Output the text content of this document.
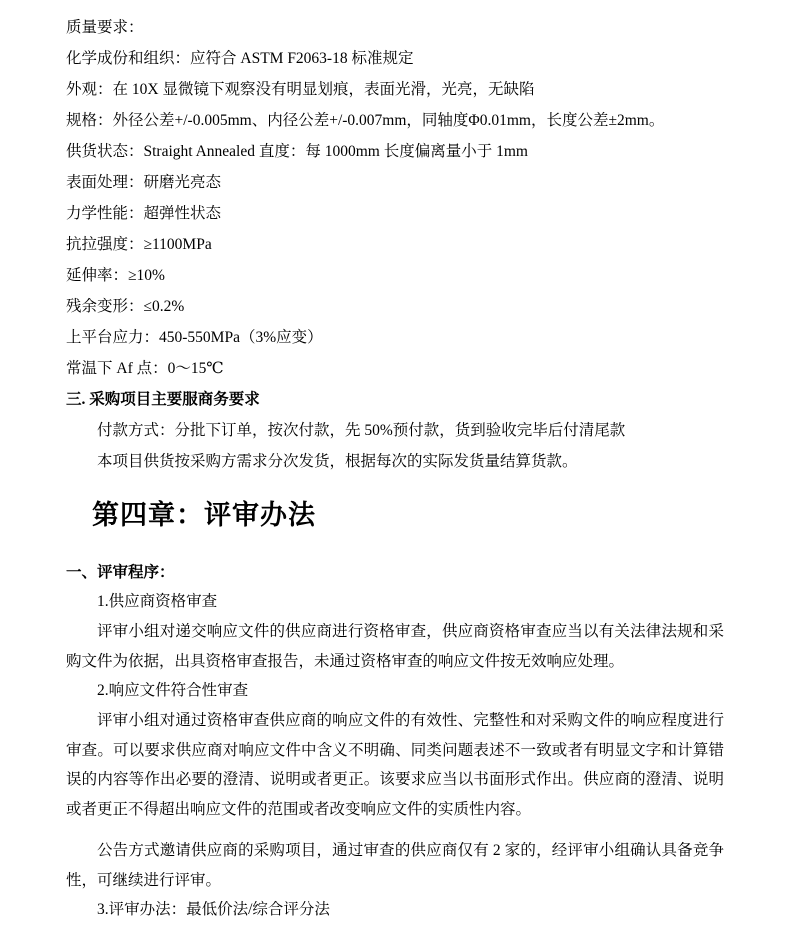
质量要求：
化学成份和组织：应符合 ASTM F2063-18 标准规定
外观：在 10X 显微镜下观察没有明显划痕，表面光滑，光亮，无缺陷
规格：外径公差+/-0.005mm、内径公差+/-0.007mm，同轴度Φ0.01mm，长度公差±2mm。
供货状态：Straight Annealed 直度：每 1000mm 长度偏离量小于 1mm
表面处理：研磨光亮态
力学性能：超弹性状态
抗拉强度：≥1100MPa
延伸率：≥10%
残余变形：≤0.2%
上平台应力：450-550MPa（3%应变）
常温下 Af 点：0～15℃
三. 采购项目主要服商务要求
付款方式：分批下订单，按次付款，先 50%预付款，货到验收完毕后付清尾款
本项目供货按采购方需求分次发货，根据每次的实际发货量结算货款。
第四章：评审办法
一、评审程序：
1.供应商资格审查

评审小组对递交响应文件的供应商进行资格审查，供应商资格审查应当以有关法律法规和采购文件为依据，出具资格审查报告，未通过资格审查的响应文件按无效响应处理。

2.响应文件符合性审查

评审小组对通过资格审查供应商的响应文件的有效性、完整性和对采购文件的响应程度进行审查。可以要求供应商对响应文件中含义不明确、同类问题表述不一致或者有明显文字和计算错误的内容等作出必要的澄清、说明或者更正。该要求应当以书面形式作出。供应商的澄清、说明或者更正不得超出响应文件的范围或者改变响应文件的实质性内容。

公告方式邀请供应商的采购项目，通过审查的供应商仅有 2 家的，经评审小组确认具备竞争性，可继续进行评审。

3.评审办法：最低价法/综合评分法
